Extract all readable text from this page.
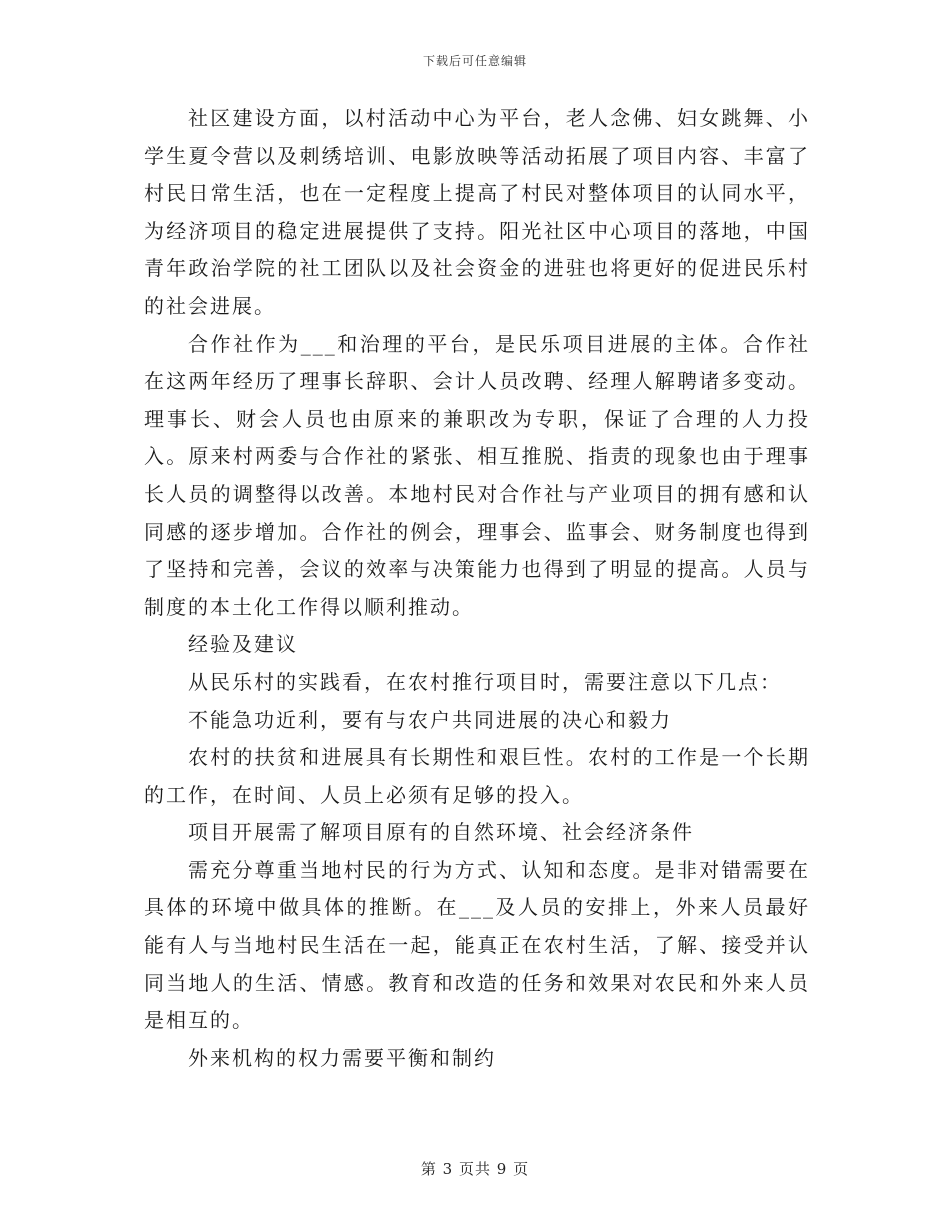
下载后可任意编辑

社区建设方面，以村活动中心为平台，老人念佛、妇女跳舞、小学生夏令营以及刺绣培训、电影放映等活动拓展了项目内容、丰富了村民日常生活，也在一定程度上提高了村民对整体项目的认同水平，为经济项目的稳定进展提供了支持。阳光社区中心项目的落地，中国青年政治学院的社工团队以及社会资金的进驻也将更好的促进民乐村的社会进展。

合作社作为___和治理的平台，是民乐项目进展的主体。合作社在这两年经历了理事长辞职、会计人员改聘、经理人解聘诸多变动。理事长、财会人员也由原来的兼职改为专职，保证了合理的人力投入。原来村两委与合作社的紧张、相互推脱、指责的现象也由于理事长人员的调整得以改善。本地村民对合作社与产业项目的拥有感和认同感的逐步增加。合作社的例会，理事会、监事会、财务制度也得到了坚持和完善，会议的效率与决策能力也得到了明显的提高。人员与制度的本土化工作得以顺利推动。

经验及建议

从民乐村的实践看，在农村推行项目时，需要注意以下几点：

不能急功近利，要有与农户共同进展的决心和毅力

农村的扶贫和进展具有长期性和艰巨性。农村的工作是一个长期的工作，在时间、人员上必须有足够的投入。

项目开展需了解项目原有的自然环境、社会经济条件

需充分尊重当地村民的行为方式、认知和态度。是非对错需要在具体的环境中做具体的推断。在___及人员的安排上，外来人员最好能有人与当地村民生活在一起，能真正在农村生活，了解、接受并认同当地人的生活、情感。教育和改造的任务和效果对农民和外来人员是相互的。

外来机构的权力需要平衡和制约

第 3 页共 9 页
